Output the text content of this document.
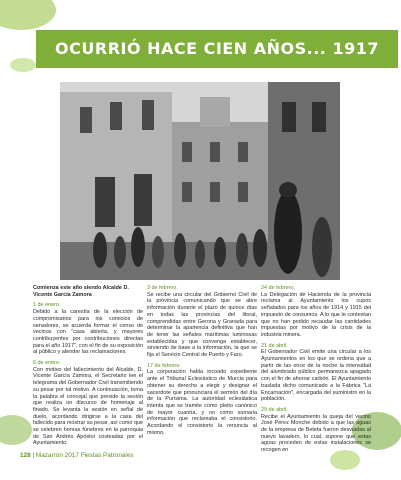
OCURRIÓ HACE CIEN AÑOS... 1917
Comienza este año siendo Alcalde D. Vicente García Zamora

1 de enero.
Debido a la carestía de la elección de compromisarios para los comicios de senadores, se acuerda formar el censo de vecinos con "casa abierta, y mayores contribuyentes por contribuciones directas para el año 1917", con el fin de su exposición al público y atender las reclamaciones.

6 de enero.
Con motivo del fallecimiento del Alcalde, D. Vicente García Zamora, el Secretario lee el telegrama del Gobernador Civil transmitiendo su pesar por tal motivo. A continuación, toma la palabra el concejal que preside la sesión que realiza un discurso de homenaje al finado. Se levanta la sesión en señal de duelo, acordando dirigirse a la casa del fallecido para mostrar su pesar, así como que se celebren honras fúnebres en la parroquia de San Andrés Apóstol costeadas por el Ayuntamiento.

3 de febrero.
Se recibe una circular del Gobierno Civil de la provincia comunicando que se abre información durante el plazo de quince días en todas las provincias del litoral, comprendidas entre Gerona y Granada para determinar la apariencia definitiva que han de tener las señales marítimas luminosas establecidas y que convenga establecer, sirviendo de base a la información, la que se fija el Servicio Central de Puerto y Faro.

17 de febrero.
La corporación habla incoado expediente ante el Tribunal Eclesiástico de Murcia para obtener su derecho a elegir y designar el sacerdote que pronunciara el sermón del día de la Purísima. La autoridad eclesiástica intenta que se tramite como pleito canónico de mayor cuantía, y no como sumaria información que reclamaba el consistorio. Acordando el consistorio la renuncia al mismo.

24 de febrero.
La Delegación de Hacienda de la provincia reclama al Ayuntamiento los cupos señalados para los años de 1914 y 1915 del impuesto de consumos. A lo que le contestan que no han podido recaudar las cantidades impuestas por motivo de la crisis de la industria minera.

21 de abril.
El Gobernador Civil emite una circular a los Ayuntamientos en los que se ordena que a partir de las once de la noche la intensidad del alumbrado público permanezca apagado con el fin de ahorrar carbón. El Ayuntamiento traslada dicho comunicado a la Fábrica "La Encarnación", encargada del suministro en la población.

29 de abril.
Recibe el Ayuntamiento la queja del vecino José Pérez Monche debido a que las aguas de la empresa de Beteta fueron desviadas al nuevo lavadero, lo cual, supone que estas aguas proceden de estas instalaciones se recogen en

128 | Mazarrón 2017 Fiestas Patronales
